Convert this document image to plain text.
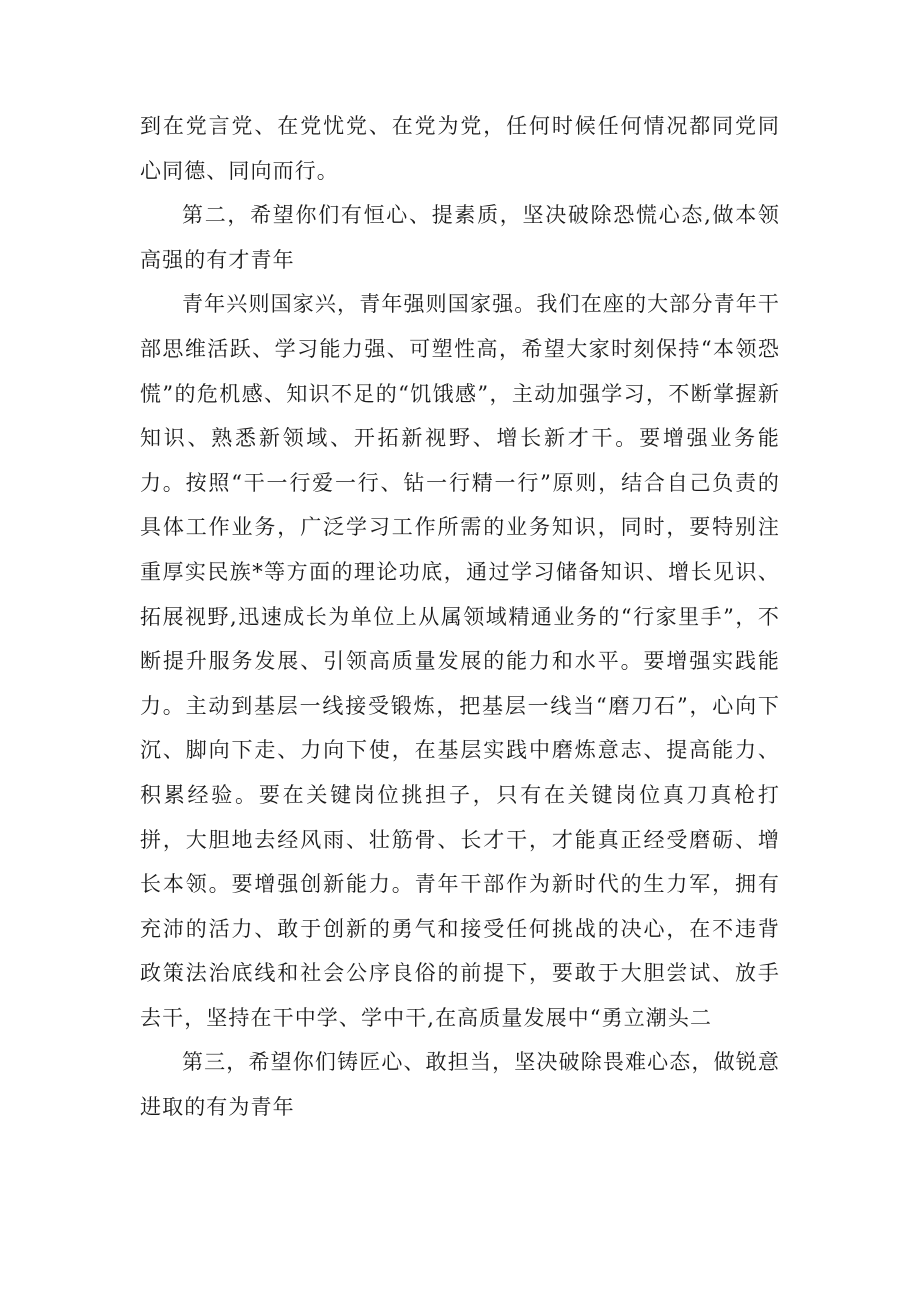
到在党言党、在党忧党、在党为党，任何时候任何情况都同党同心同德、同向而行。

第二，希望你们有恒心、提素质，坚决破除恐慌心态,做本领高强的有才青年

青年兴则国家兴，青年强则国家强。我们在座的大部分青年干部思维活跃、学习能力强、可塑性高，希望大家时刻保持“本领恐慌”的危机感、知识不足的“饥饿感”，主动加强学习，不断掌握新知识、熟悉新领域、开拓新视野、增长新才干。要增强业务能力。按照“干一行爱一行、钻一行精一行”原则，结合自己负责的具体工作业务，广泛学习工作所需的业务知识，同时，要特别注重厚实民族*等方面的理论功底，通过学习储备知识、增长见识、拓展视野,迅速成长为单位上从属领域精通业务的“行家里手”，不断提升服务发展、引领高质量发展的能力和水平。要增强实践能力。主动到基层一线接受锻炼，把基层一线当“磨刀石”，心向下沉、脚向下走、力向下使，在基层实践中磨炼意志、提高能力、积累经验。要在关键岗位挑担子，只有在关键岗位真刀真枪打拼，大胆地去经风雨、壮筋骨、长才干，才能真正经受磨砺、增长本领。要增强创新能力。青年干部作为新时代的生力军，拥有充沛的活力、敢于创新的勇气和接受任何挑战的决心，在不违背政策法治底线和社会公序良俗的前提下，要敢于大胆尝试、放手去干，坚持在干中学、学中干,在高质量发展中“勇立潮头二

第三，希望你们铸匠心、敢担当，坚决破除畏难心态，做锐意进取的有为青年
